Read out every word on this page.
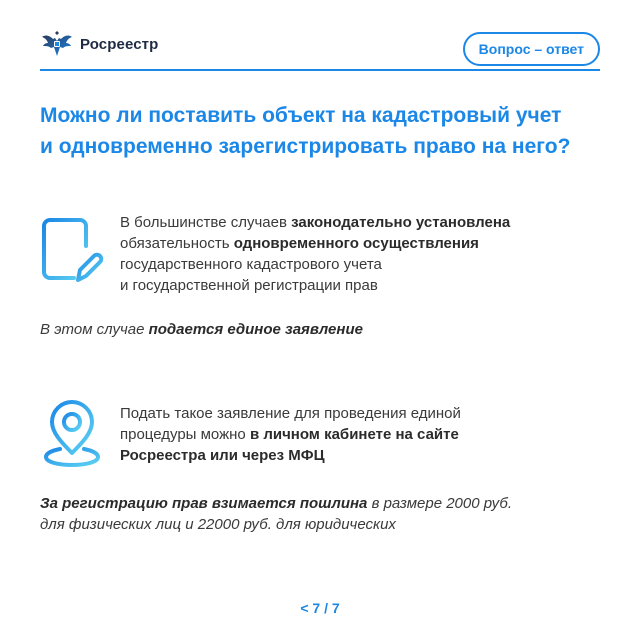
Росреестр	Вопрос – ответ
Можно ли поставить объект на кадастровый учет
и одновременно зарегистрировать право на него?
В большинстве случаев законодательно установлена
обязательность одновременного осуществления
государственного кадастрового учета
и государственной регистрации прав
В этом случае подается единое заявление
Подать такое заявление для проведения единой
процедуры можно в личном кабинете на сайте
Росреестра или через МФЦ
За регистрацию прав взимается пошлина в размере 2000 руб.
для физических лиц и 22000 руб. для юридических
< 7 / 7
